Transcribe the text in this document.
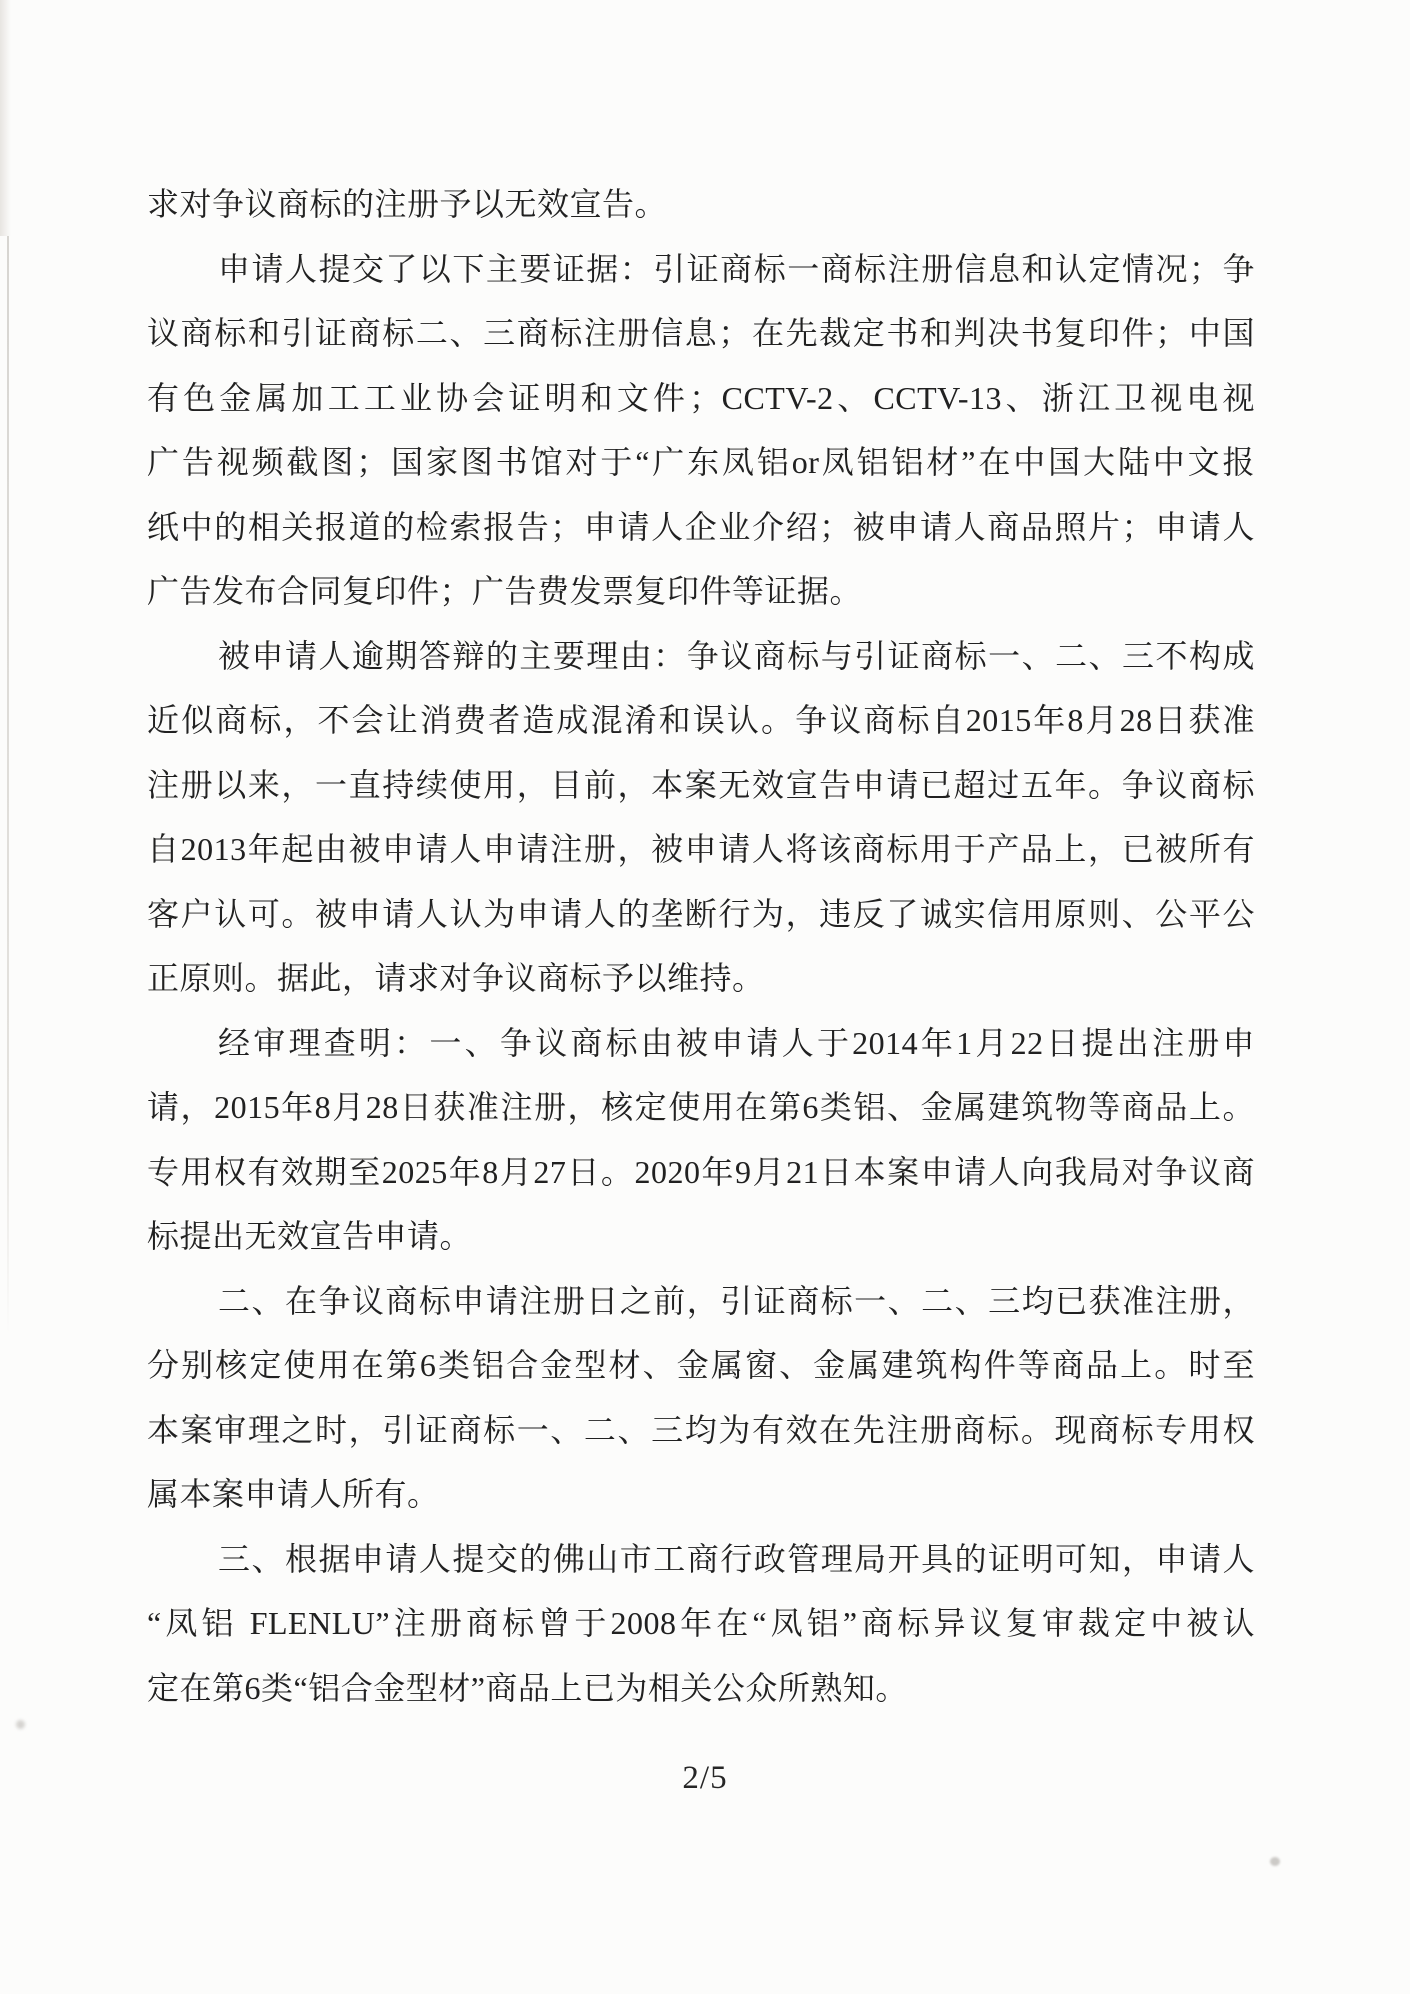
求对争议商标的注册予以无效宣告。
申请人提交了以下主要证据：引证商标一商标注册信息和认定情况；争
议商标和引证商标二、三商标注册信息；在先裁定书和判决书复印件；中国
有色金属加工工业协会证明和文件；CCTV-2、CCTV-13、浙江卫视电视
广告视频截图；国家图书馆对于“广东凤铝or凤铝铝材”在中国大陆中文报
纸中的相关报道的检索报告；申请人企业介绍；被申请人商品照片；申请人
广告发布合同复印件；广告费发票复印件等证据。
被申请人逾期答辩的主要理由：争议商标与引证商标一、二、三不构成
近似商标，不会让消费者造成混淆和误认。争议商标自2015年8月28日获准
注册以来，一直持续使用，目前，本案无效宣告申请已超过五年。争议商标
自2013年起由被申请人申请注册，被申请人将该商标用于产品上，已被所有
客户认可。被申请人认为申请人的垄断行为，违反了诚实信用原则、公平公
正原则。据此，请求对争议商标予以维持。
经审理查明：一、争议商标由被申请人于2014年1月22日提出注册申
请，2015年8月28日获准注册，核定使用在第6类铝、金属建筑物等商品上。
专用权有效期至2025年8月27日。2020年9月21日本案申请人向我局对争议商
标提出无效宣告申请。
二、在争议商标申请注册日之前，引证商标一、二、三均已获准注册，
分别核定使用在第6类铝合金型材、金属窗、金属建筑构件等商品上。时至
本案审理之时，引证商标一、二、三均为有效在先注册商标。现商标专用权
属本案申请人所有。
三、根据申请人提交的佛山市工商行政管理局开具的证明可知，申请人
“凤铝 FLENLU”注册商标曾于2008年在“凤铝”商标异议复审裁定中被认
定在第6类“铝合金型材”商品上已为相关公众所熟知。
2/5
